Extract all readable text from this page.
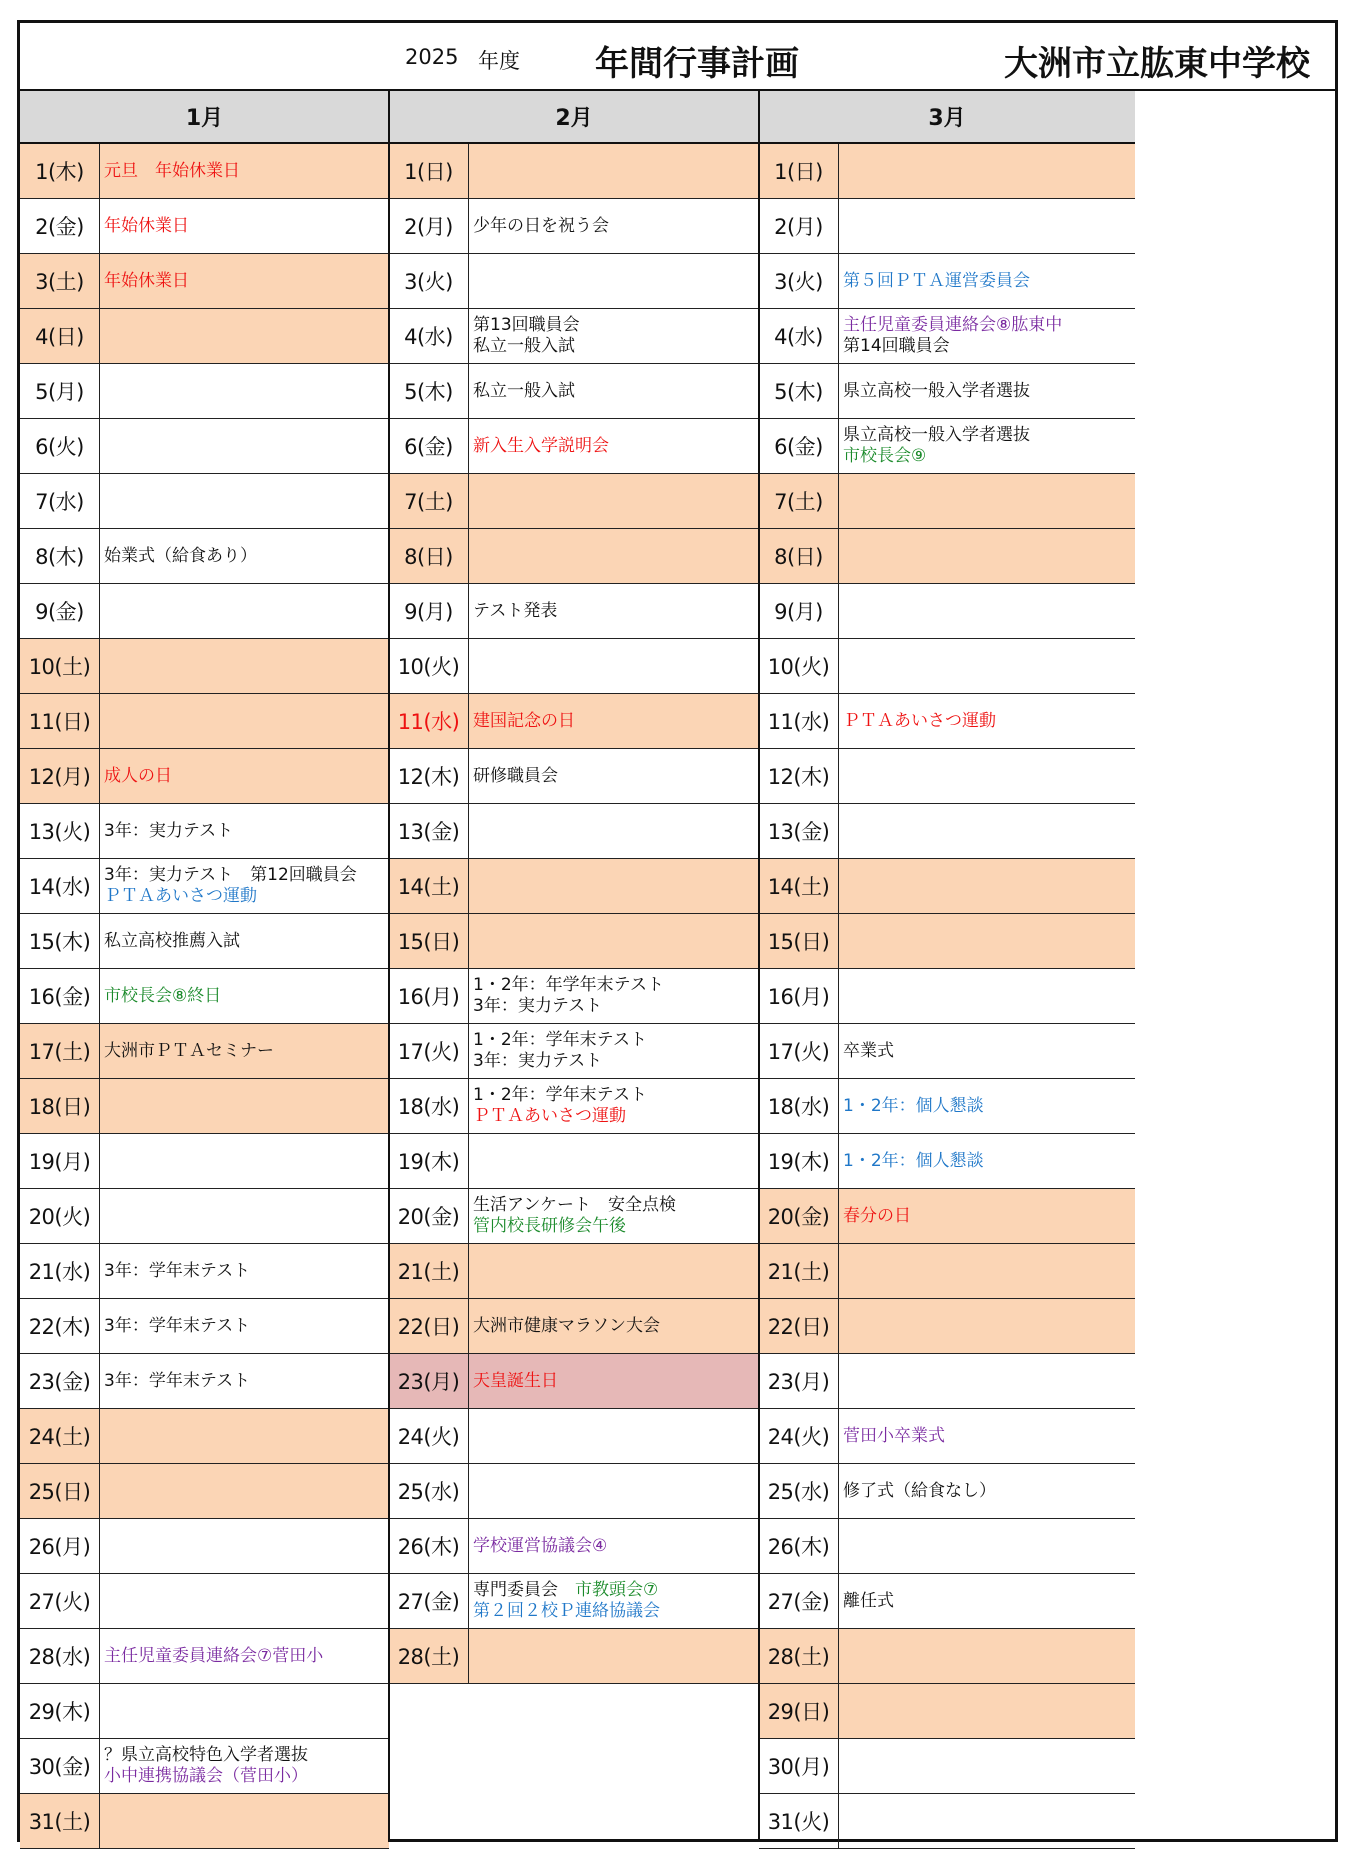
2025 年度 年間行事計画	大洲市立肱東中学校
1月
1(木)	元旦　年始休業日
2(金)	年始休業日
3(土)	年始休業日
4(日)
5(月)
6(火)
7(水)
8(木)	始業式（給食あり）
9(金)
10(土)
11(日)
12(月) 成人の日
13(火) 3年：実力テスト
14(水) 3年：実力テスト　第12回職員会
ＰＴＡあいさつ運動
15(木) 私立高校推薦入試
16(金) 市校長会⑧終日
17(土) 大洲市ＰＴＡセミナー
18(日)
19(月)
20(火)
21(水) 3年：学年末テスト
22(木) 3年：学年末テスト
23(金) 3年：学年末テスト
24(土)
25(日)
26(月)
27(火)
28(水) 主任児童委員連絡会⑦菅田小
29(木)
30(金) ？県立高校特色入学者選抜
小中連携協議会（菅田小）
31(土)
2月
1(日)
2(月)	少年の日を祝う会
3(火)
4(水)	第13回職員会
私立一般入試
5(木)	私立一般入試
6(金)	新入生入学説明会
7(土)
8(日)
9(月)	テスト発表
10(火)
11(水) 建国記念の日
12(木) 研修職員会
13(金)
14(土)
15(日)
16(月) 1・2年：年学年末テスト
3年：実力テスト
17(火) 1・2年：学年末テスト
3年：実力テスト
18(水) 1・2年：学年末テスト
ＰＴＡあいさつ運動
19(木)
20(金) 生活アンケート　安全点検
管内校長研修会午後
21(土)
22(日) 大洲市健康マラソン大会
23(月) 天皇誕生日
24(火)
25(水)
26(木) 学校運営協議会④
27(金) 専門委員会　市教頭会⑦
第２回２校Ｐ連絡協議会
28(土)
3月
1(日)
2(月)
3(火)	第５回ＰＴＡ運営委員会
4(水)	主任児童委員連絡会⑧肱東中
第14回職員会
5(木)	県立高校一般入学者選抜
6(金)	県立高校一般入学者選抜
市校長会⑨
7(土)
8(日)
9(月)
10(火)
11(水) ＰＴＡあいさつ運動
12(木)
13(金)
14(土)
15(日)
16(月)
17(火) 卒業式
18(水) 1・2年：個人懇談
19(木) 1・2年：個人懇談
20(金) 春分の日
21(土)
22(日)
23(月)
24(火) 菅田小卒業式
25(水) 修了式（給食なし）
26(木)
27(金) 離任式
28(土)
29(日)
30(月)
31(火)
